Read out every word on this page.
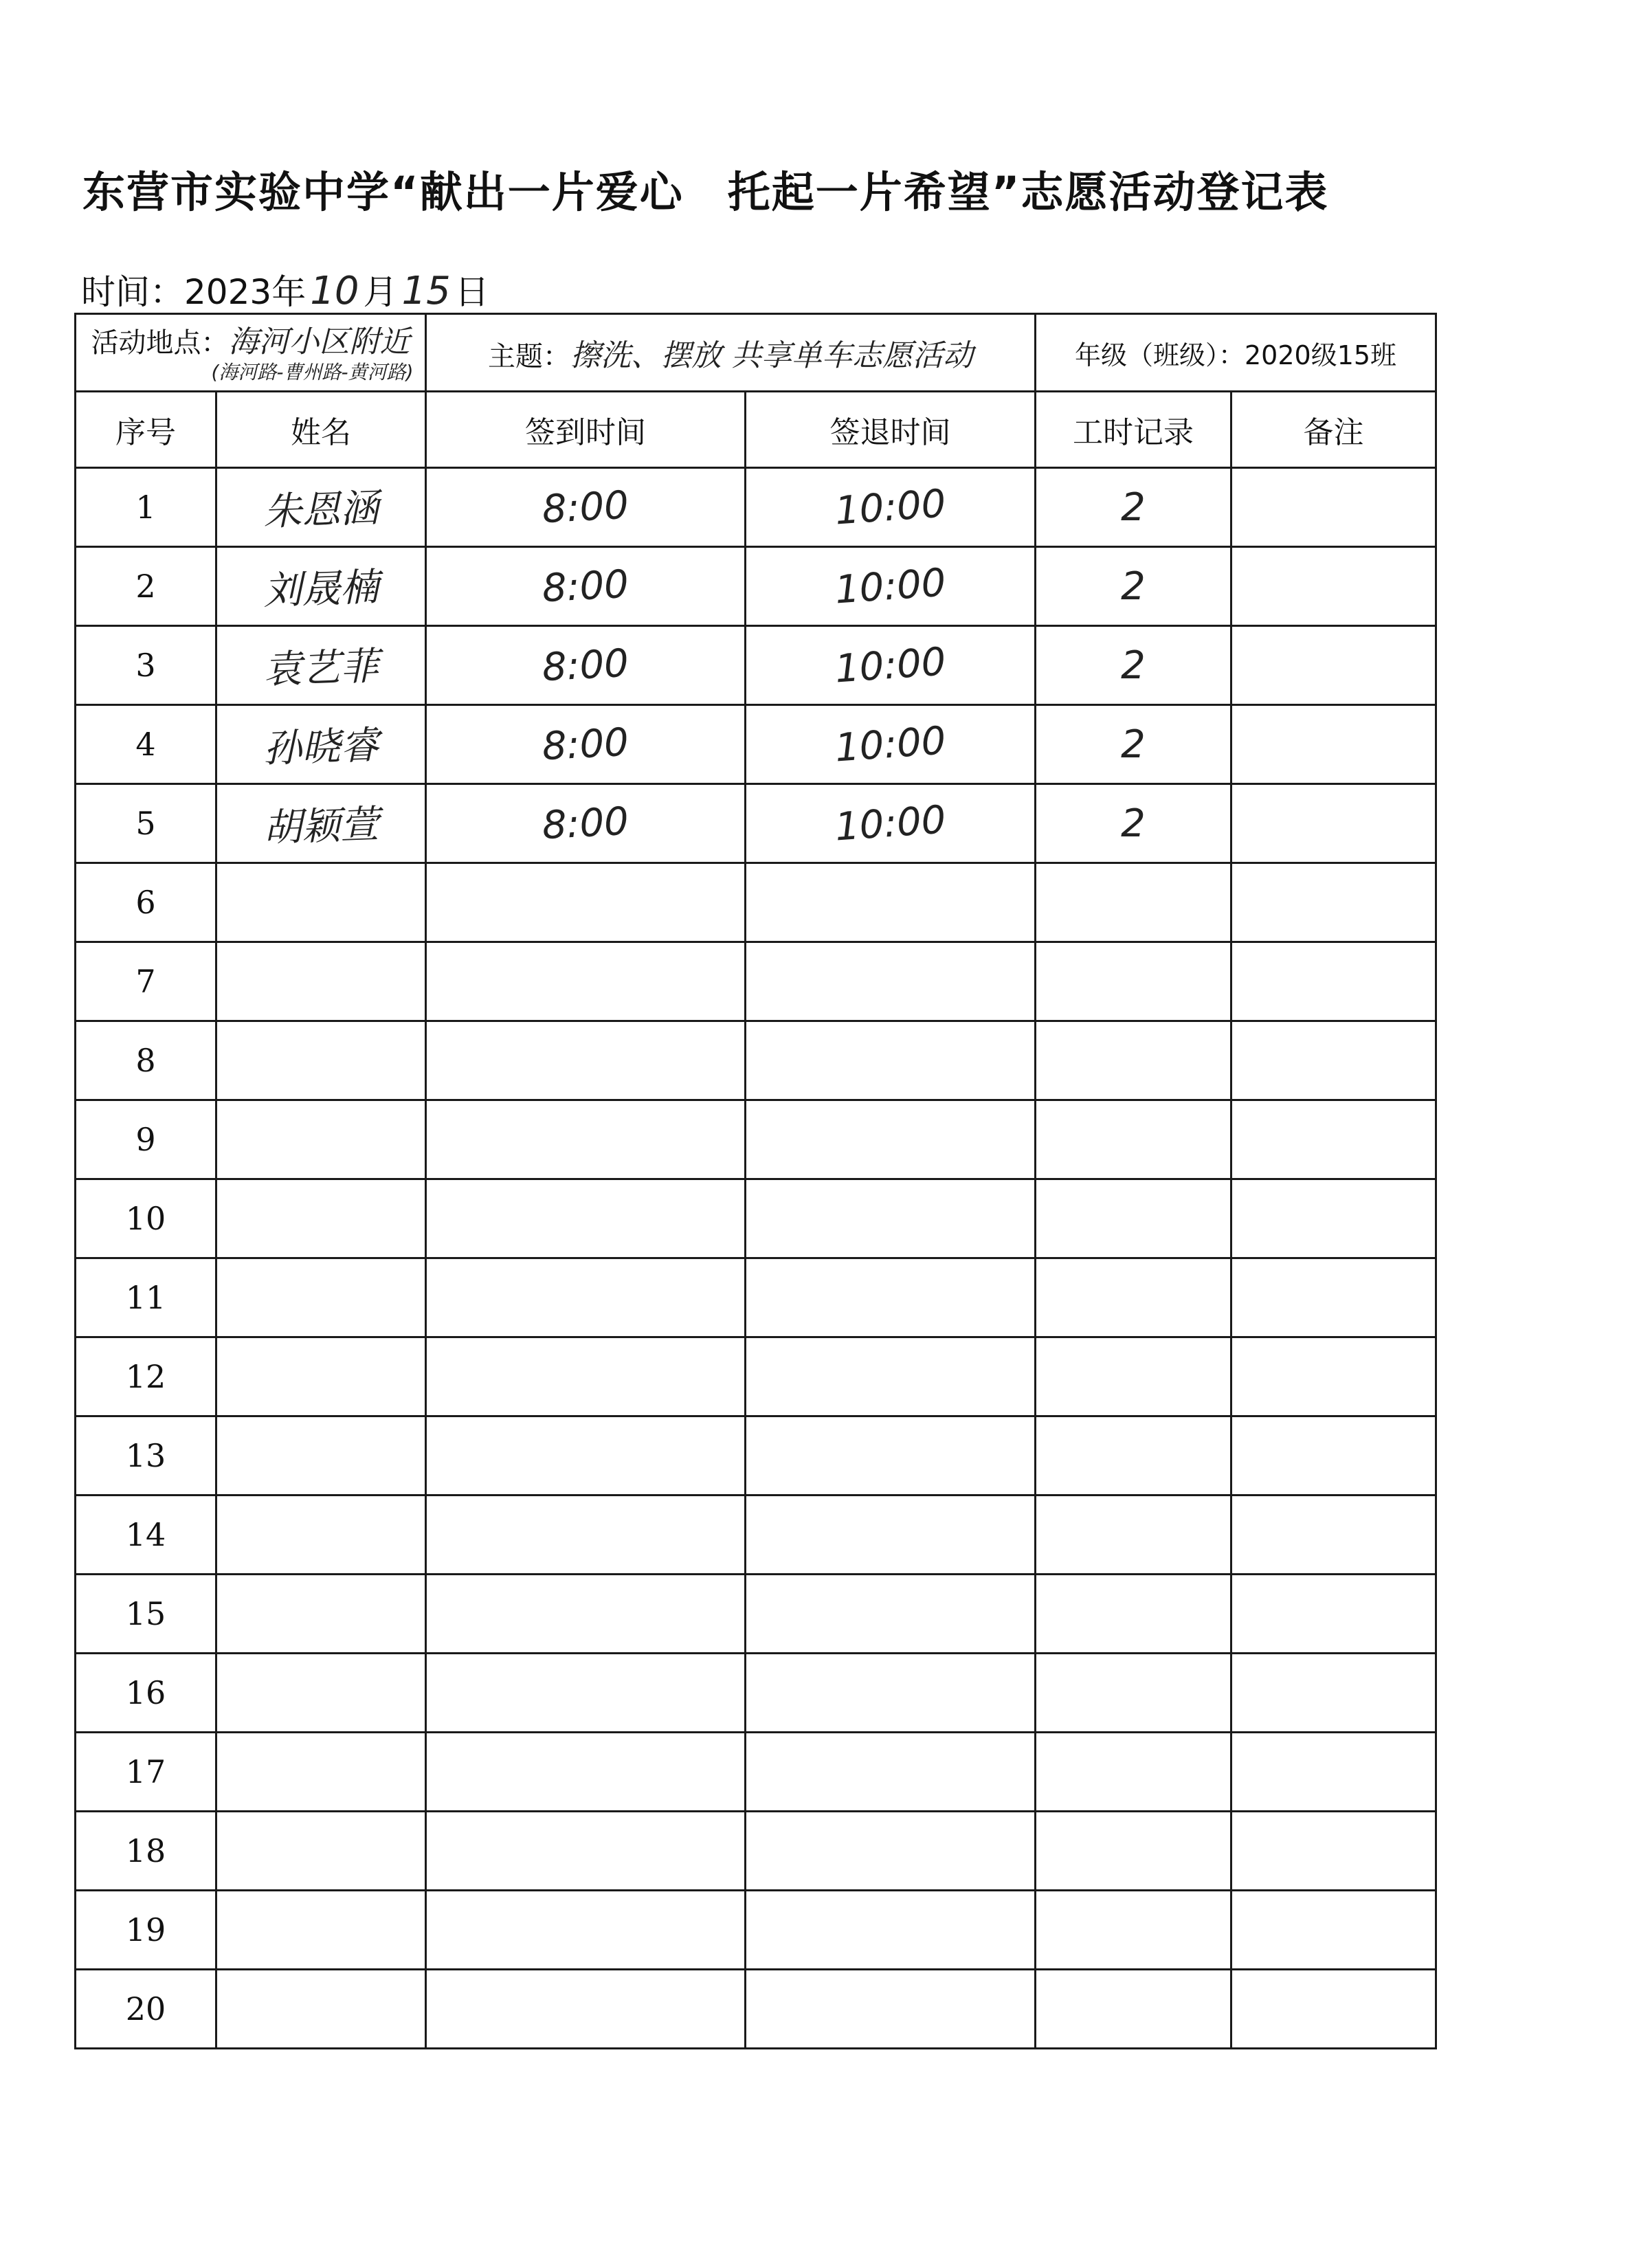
东营市实验中学“献出一片爱心　托起一片希望”志愿活动登记表
时间：2023年 10 月 15 日
活动地点：海河小区附近
(海河路-曹州路-黄河路)		主题：擦洗、摆放 共享单车志愿活动		年级（班级）：2020级15班	
序号	姓名	签到时间	签退时间	工时记录	备注
1	朱恩涵	8:00	10:00	2	
2	刘晟楠	8:00	10:00	2	
3	袁艺菲	8:00	10:00	2	
4	孙晓睿	8:00	10:00	2	
5	胡颖萱	8:00	10:00	2	
6					
7					
8					
9					
10					
11					
12					
13					
14					
15					
16					
17					
18					
19					
20					
